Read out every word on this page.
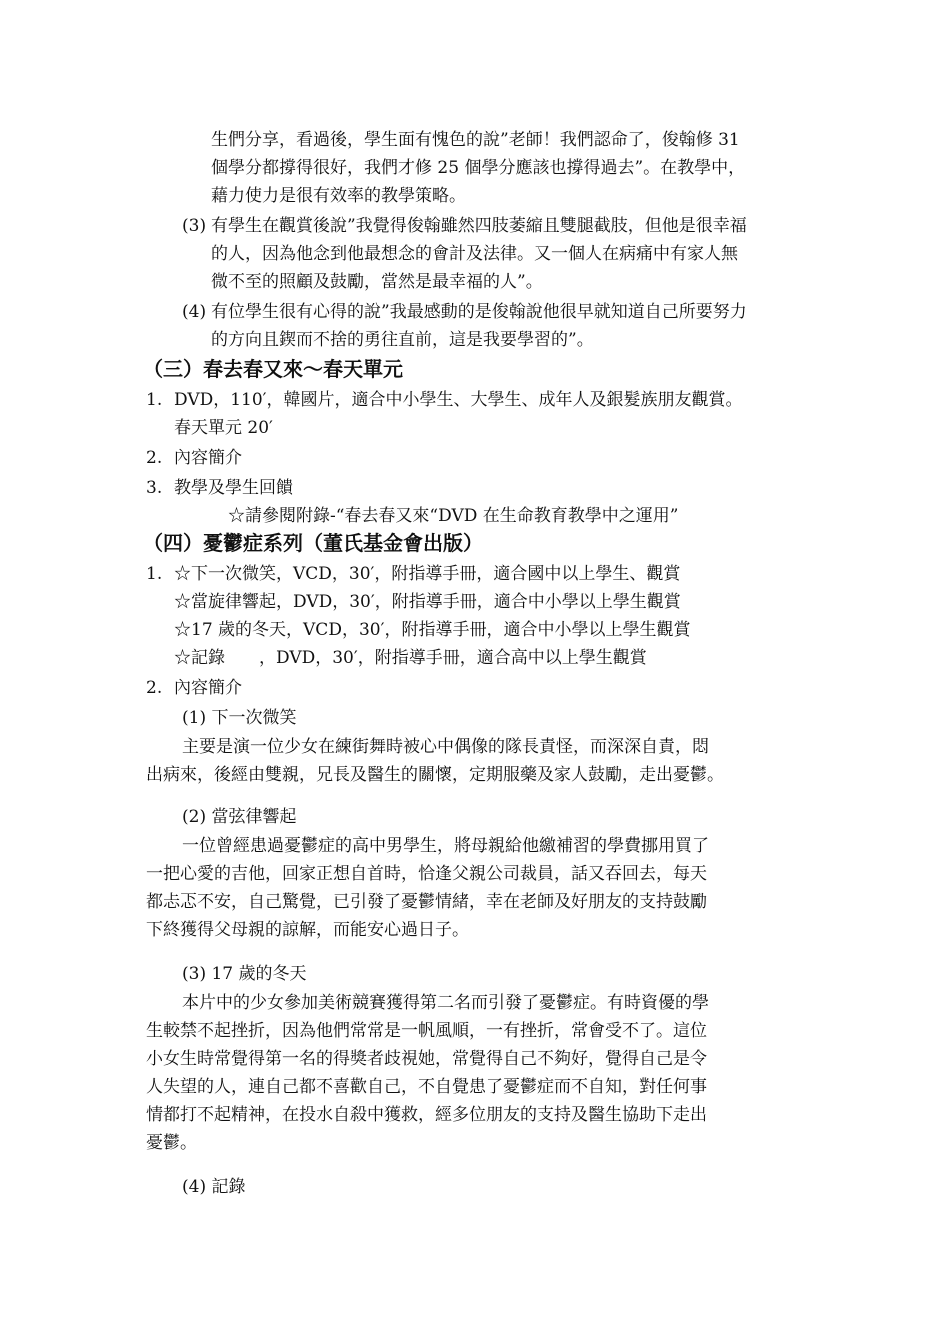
生們分享，看過後，學生面有愧色的說”老師！我們認命了，俊翰修 31
個學分都撐得很好，我們才修 25 個學分應該也撐得過去”。在教學中，
藉力使力是很有效率的教學策略。
(3) 有學生在觀賞後說”我覺得俊翰雖然四肢萎縮且雙腿截肢，但他是很幸福
的人，因為他念到他最想念的會計及法律。又一個人在病痛中有家人無
微不至的照顧及鼓勵，當然是最幸福的人”。
(4) 有位學生很有心得的說”我最感動的是俊翰說他很早就知道自己所要努力
的方向且鍥而不捨的勇往直前，這是我要學習的”。
（三）春去春又來～春天單元
1. DVD，110′，韓國片，適合中小學生、大學生、成年人及銀髮族朋友觀賞。
春天單元 20′
2. 內容簡介
3. 教學及學生回饋
☆請參閱附錄-“春去春又來“DVD 在生命教育教學中之運用”
（四）憂鬱症系列（董氏基金會出版）
1. ☆下一次微笑，VCD，30′，附指導手冊，適合國中以上學生、觀賞
☆當旋律響起，DVD，30′，附指導手冊，適合中小學以上學生觀賞
☆17 歲的冬天，VCD，30′，附指導手冊，適合中小學以上學生觀賞
☆記錄　　，DVD，30′，附指導手冊，適合高中以上學生觀賞
2. 內容簡介
(1) 下一次微笑
主要是演一位少女在練街舞時被心中偶像的隊長責怪，而深深自責，悶
出病來，後經由雙親，兄長及醫生的關懷，定期服藥及家人鼓勵，走出憂鬱。
(2) 當弦律響起
一位曾經患過憂鬱症的高中男學生，將母親給他繳補習的學費挪用買了
一把心愛的吉他，回家正想自首時，恰逢父親公司裁員，話又吞回去，每天
都忐忑不安，自己驚覺，已引發了憂鬱情緒，幸在老師及好朋友的支持鼓勵
下終獲得父母親的諒解，而能安心過日子。
(3) 17 歲的冬天
本片中的少女參加美術競賽獲得第二名而引發了憂鬱症。有時資優的學
生較禁不起挫折，因為他們常常是一帆風順，一有挫折，常會受不了。這位
小女生時常覺得第一名的得獎者歧視她，常覺得自己不夠好，覺得自己是令
人失望的人，連自己都不喜歡自己，不自覺患了憂鬱症而不自知，對任何事
情都打不起精神，在投水自殺中獲救，經多位朋友的支持及醫生協助下走出
憂鬱。
(4) 記錄
